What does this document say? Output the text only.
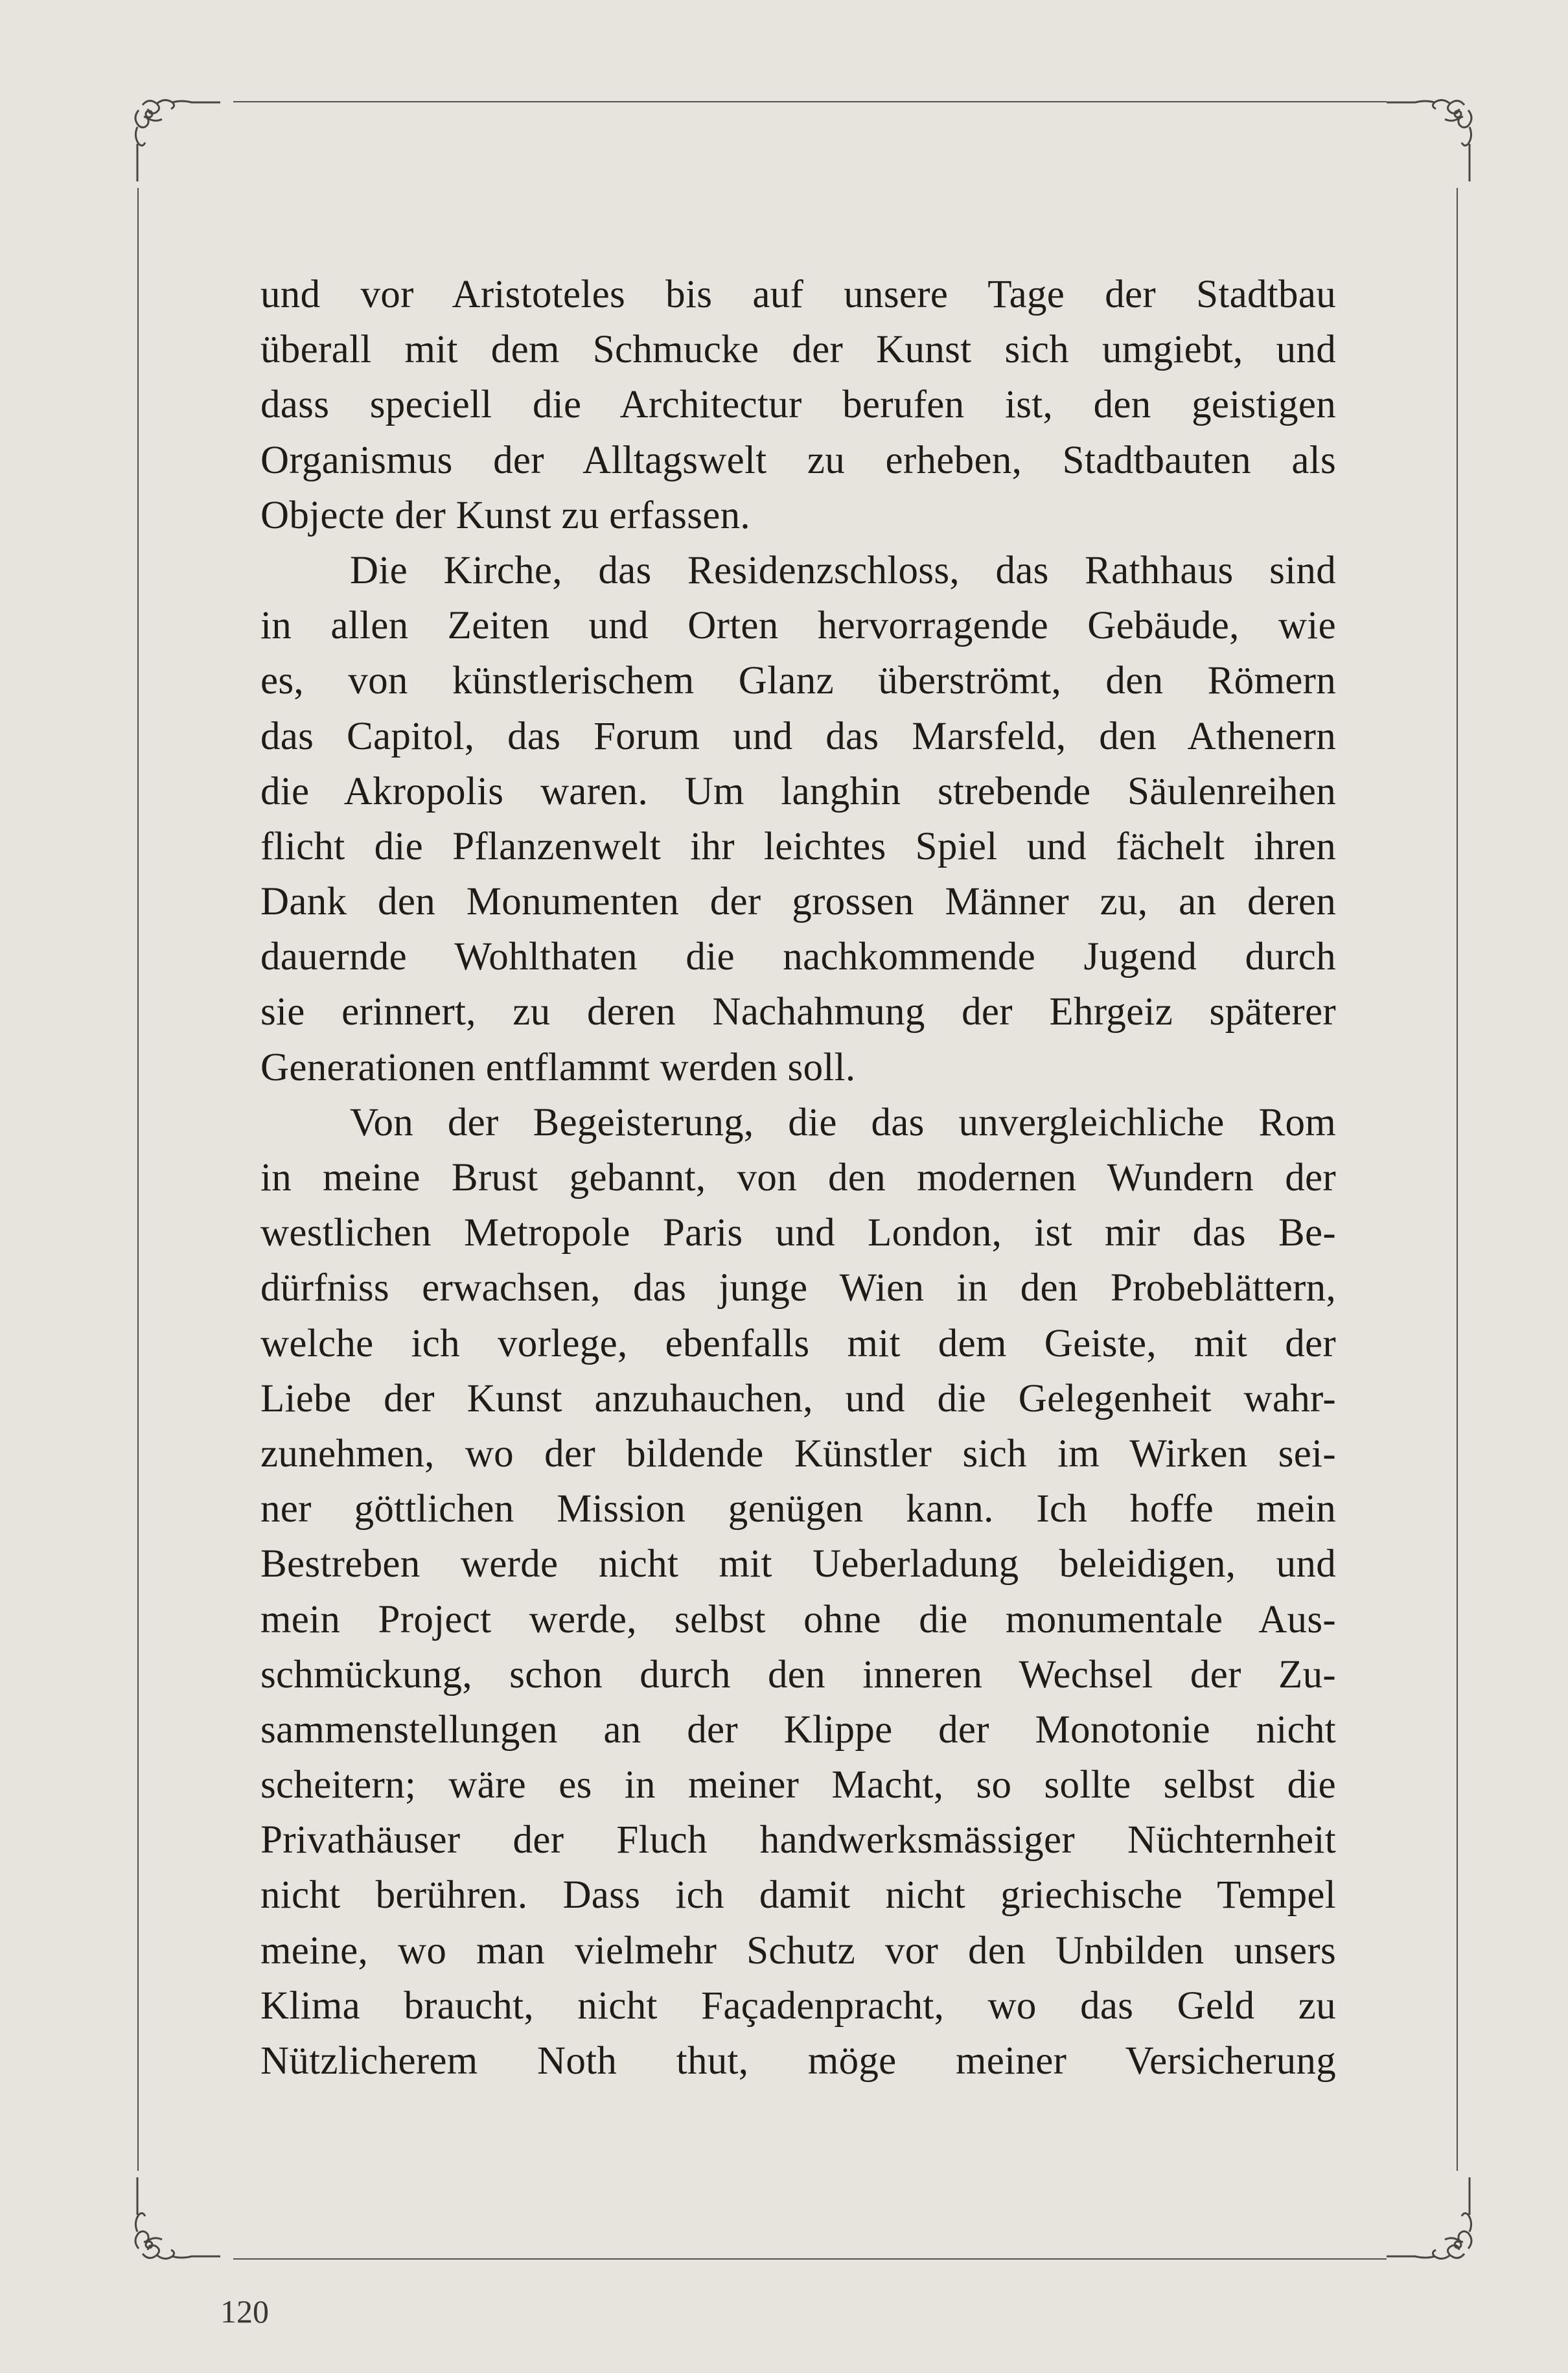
und vor Aristoteles bis auf unsere Tage der Stadtbau
überall mit dem Schmucke der Kunst sich umgiebt, und
dass speciell die Architectur berufen ist, den geistigen
Organismus der Alltagswelt zu erheben, Stadtbauten als
Objecte der Kunst zu erfassen.
Die Kirche, das Residenzschloss, das Rathhaus sind
in allen Zeiten und Orten hervorragende Gebäude, wie
es, von künstlerischem Glanz überströmt, den Römern
das Capitol, das Forum und das Marsfeld, den Athenern
die Akropolis waren. Um langhin strebende Säulenreihen
flicht die Pflanzenwelt ihr leichtes Spiel und fächelt ihren
Dank den Monumenten der grossen Männer zu, an deren
dauernde Wohlthaten die nachkommende Jugend durch
sie erinnert, zu deren Nachahmung der Ehrgeiz späterer
Generationen entflammt werden soll.
Von der Begeisterung, die das unvergleichliche Rom
in meine Brust gebannt, von den modernen Wundern der
westlichen Metropole Paris und London, ist mir das Be-
dürfniss erwachsen, das junge Wien in den Probeblättern,
welche ich vorlege, ebenfalls mit dem Geiste, mit der
Liebe der Kunst anzuhauchen, und die Gelegenheit wahr-
zunehmen, wo der bildende Künstler sich im Wirken sei-
ner göttlichen Mission genügen kann. Ich hoffe mein
Bestreben werde nicht mit Ueberladung beleidigen, und
mein Project werde, selbst ohne die monumentale Aus-
schmückung, schon durch den inneren Wechsel der Zu-
sammenstellungen an der Klippe der Monotonie nicht
scheitern; wäre es in meiner Macht, so sollte selbst die
Privathäuser der Fluch handwerksmässiger Nüchternheit
nicht berühren. Dass ich damit nicht griechische Tempel
meine, wo man vielmehr Schutz vor den Unbilden unsers
Klima braucht, nicht Façadenpracht, wo das Geld zu
Nützlicherem Noth thut, möge meiner Versicherung
120
